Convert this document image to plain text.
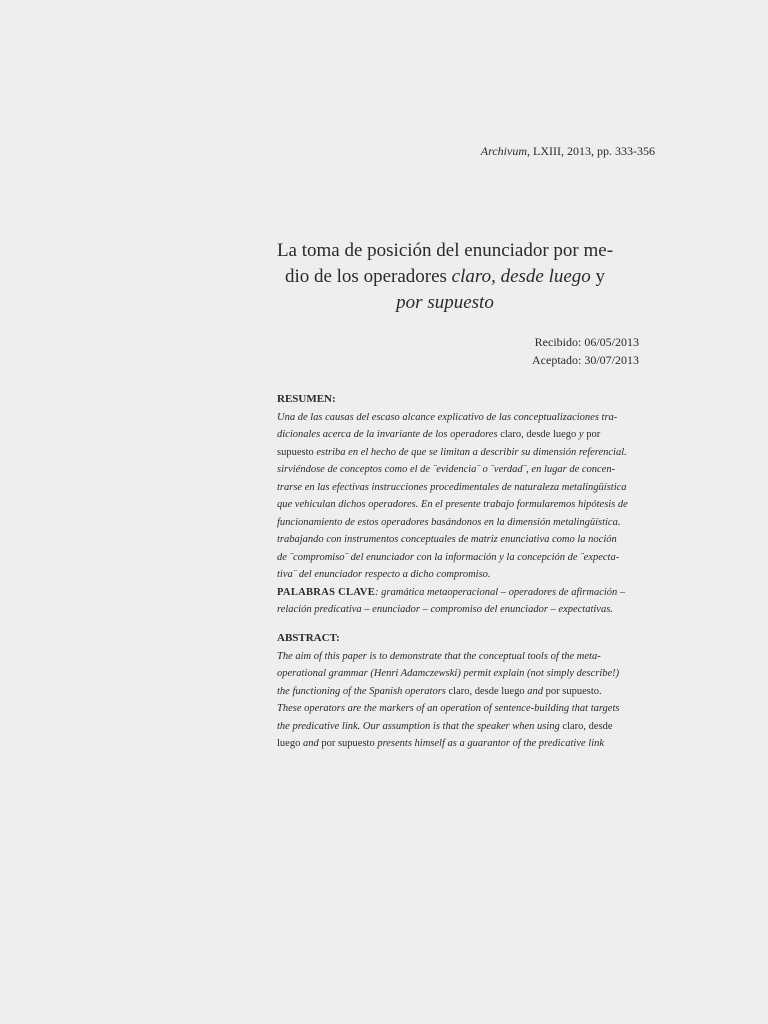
Archivum, LXIII, 2013, pp. 333-356
La toma de posición del enunciador por me-
dio de los operadores claro, desde luego y
por supuesto
Recibido: 06/05/2013
Aceptado: 30/07/2013
RESUMEN:
Una de las causas del escaso alcance explicativo de las conceptualizaciones tra-
dicionales acerca de la invariante de los operadores claro, desde luego y por
supuesto estriba en el hecho de que se limitan a describir su dimensión referencial.
sirviéndose de conceptos como el de ¨evidencia¨ o ¨verdad¨, en lugar de concen-
trarse en las efectivas instrucciones procedimentales de naturaleza metalingüística
que vehiculan dichos operadores. En el presente trabajo formularemos hipótesis de
funcionamiento de estos operadores basándonos en la dimensión metalingüística.
trabajando con instrumentos conceptuales de matriz enunciativa como la noción
de ¨compromiso¨ del enunciador con la información y la concepción de ¨expecta-
tiva¨ del enunciador respecto a dicho compromiso.
PALABRAS CLAVE: gramática metaoperacional – operadores de afirmación –
relación predicativa – enunciador – compromiso del enunciador – expectativas.
ABSTRACT:
The aim of this paper is to demonstrate that the conceptual tools of the meta-
operational grammar (Henri Adamczewski) permit explain (not simply describe!)
the functioning of the Spanish operators claro, desde luego and por supuesto.
These operators are the markers of an operation of sentence-building that targets
the predicative link. Our assumption is that the speaker when using claro, desde
luego and por supuesto presents himself as a guarantor of the predicative link
